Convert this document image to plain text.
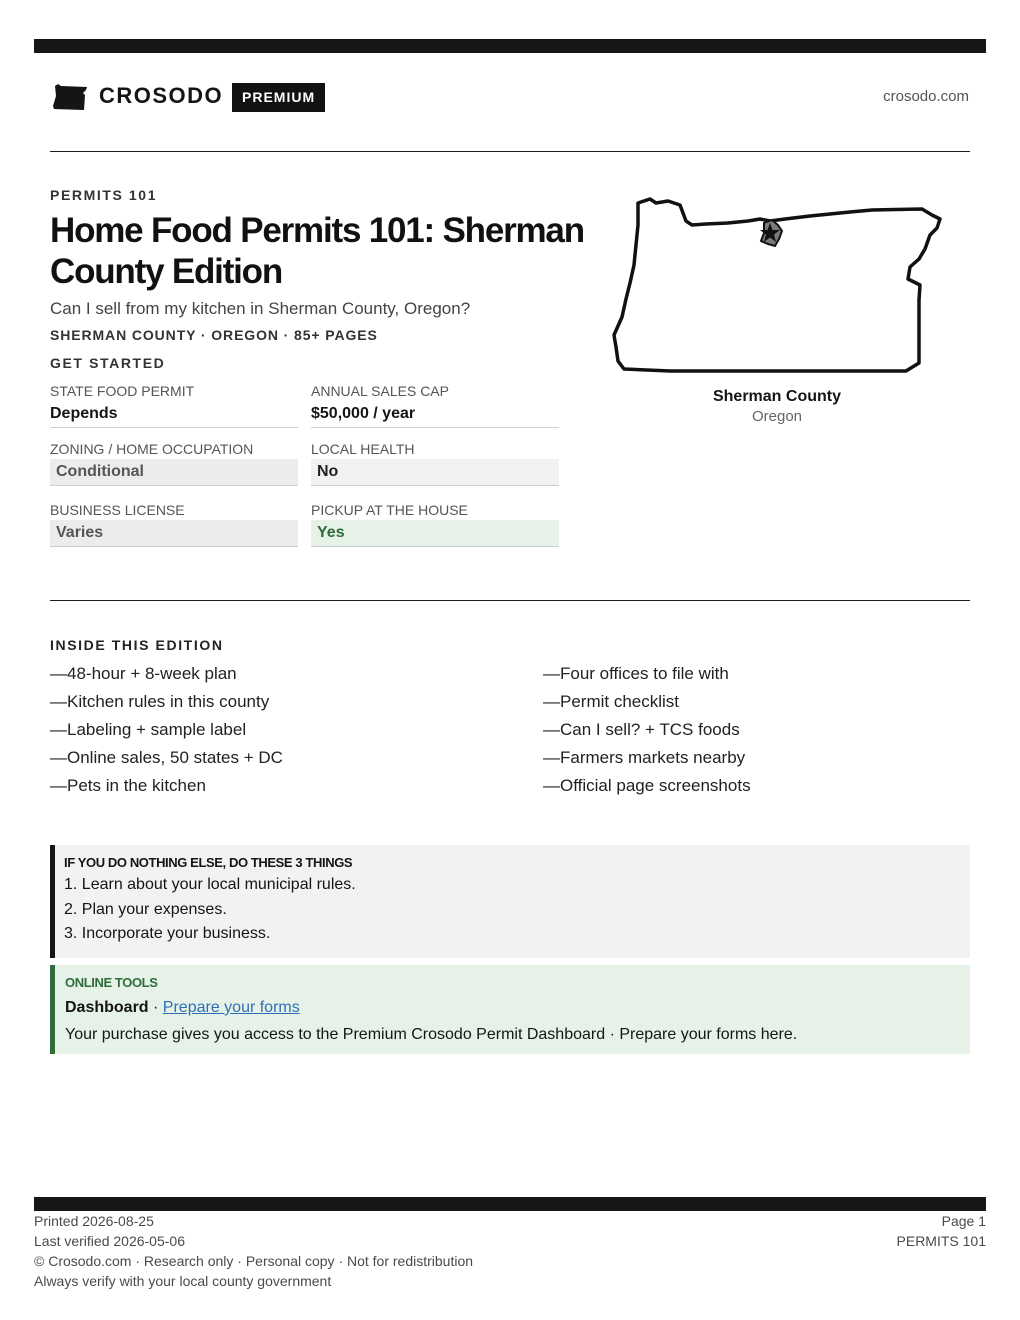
CROSODO	PREMIUM	crosodo.com
PERMITS 101
Home Food Permits 101: Sherman County Edition
Can I sell from my kitchen in Sherman County, Oregon?
SHERMAN COUNTY · OREGON · 85+ PAGES
GET STARTED
STATE FOOD PERMIT
Depends
ANNUAL SALES CAP
$50,000 / year
ZONING / HOME OCCUPATION
Conditional
LOCAL HEALTH
No
BUSINESS LICENSE
Varies
PICKUP AT THE HOUSE
Yes
Sherman County
Oregon
INSIDE THIS EDITION
—48-hour + 8-week plan
—Kitchen rules in this county
—Labeling + sample label
—Online sales, 50 states + DC
—Pets in the kitchen
—Four offices to file with
—Permit checklist
—Can I sell? + TCS foods
—Farmers markets nearby
—Official page screenshots
IF YOU DO NOTHING ELSE, DO THESE 3 THINGS
1. Learn about your local municipal rules.
2. Plan your expenses.
3. Incorporate your business.
ONLINE TOOLS
Dashboard · Prepare your forms
Your purchase gives you access to the Premium Crosodo Permit Dashboard · Prepare your forms here.
Printed 2026-08-25
Last verified 2026-05-06
© Crosodo.com · Research only · Personal copy · Not for redistribution
Always verify with your local county government
Page 1
PERMITS 101
